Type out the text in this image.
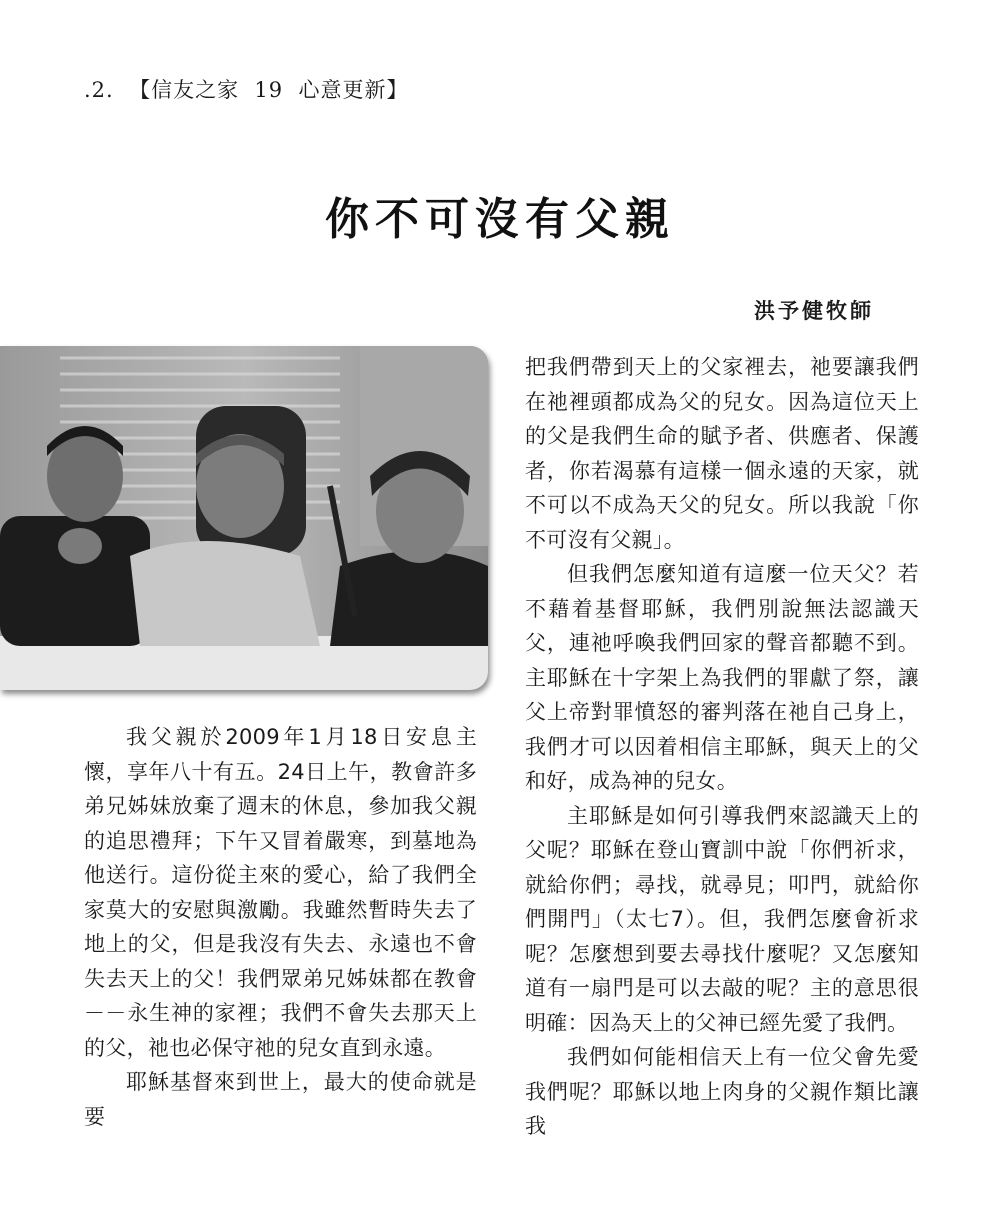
.2. 【信友之家  19  心意更新】
你不可沒有父親
洪予健牧師

我父親於2009年1月18日安息主懷，享年八十有五。24日上午，教會許多弟兄姊妹放棄了週末的休息，參加我父親的追思禮拜；下午又冒着嚴寒，到墓地為他送行。這份從主來的愛心，給了我們全家莫大的安慰與激勵。我雖然暫時失去了地上的父，但是我沒有失去、永遠也不會失去天上的父！我們眾弟兄姊妹都在教會－－永生神的家裡；我們不會失去那天上的父，祂也必保守祂的兒女直到永遠。

耶穌基督來到世上，最大的使命就是要

把我們帶到天上的父家裡去，祂要讓我們在祂裡頭都成為父的兒女。因為這位天上的父是我們生命的賦予者、供應者、保護者，你若渴慕有這樣一個永遠的天家，就不可以不成為天父的兒女。所以我說「你不可沒有父親」。

但我們怎麼知道有這麼一位天父？若不藉着基督耶穌，我們別說無法認識天父，連祂呼喚我們回家的聲音都聽不到。主耶穌在十字架上為我們的罪獻了祭，讓父上帝對罪憤怒的審判落在祂自己身上，我們才可以因着相信主耶穌，與天上的父和好，成為神的兒女。

主耶穌是如何引導我們來認識天上的父呢？耶穌在登山寶訓中說「你們祈求，就給你們；尋找，就尋見；叩門，就給你們開門」（太七7）。但，我們怎麼會祈求呢？怎麼想到要去尋找什麼呢？又怎麼知道有一扇門是可以去敲的呢？主的意思很明確：因為天上的父神已經先愛了我們。

我們如何能相信天上有一位父會先愛我們呢？耶穌以地上肉身的父親作類比讓我
